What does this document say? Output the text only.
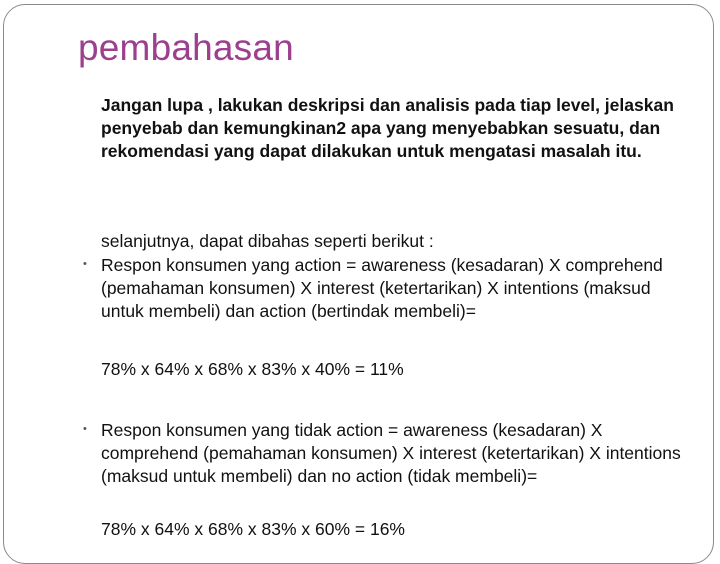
pembahasan

Jangan lupa , lakukan deskripsi dan analisis pada tiap level, jelaskan penyebab dan kemungkinan2 apa yang menyebabkan sesuatu, dan rekomendasi yang dapat dilakukan untuk mengatasi masalah itu.

selanjutnya, dapat dibahas seperti berikut :

• Respon konsumen yang action = awareness (kesadaran) X comprehend (pemahaman konsumen) X interest (ketertarikan) X intentions (maksud untuk membeli) dan action (bertindak membeli)=

78% x 64% x 68% x 83% x 40% = 11%

• Respon konsumen yang tidak action = awareness (kesadaran) X comprehend (pemahaman konsumen) X interest (ketertarikan) X intentions (maksud untuk membeli) dan no action (tidak membeli)=

78% x 64% x 68% x 83% x 60% = 16%
